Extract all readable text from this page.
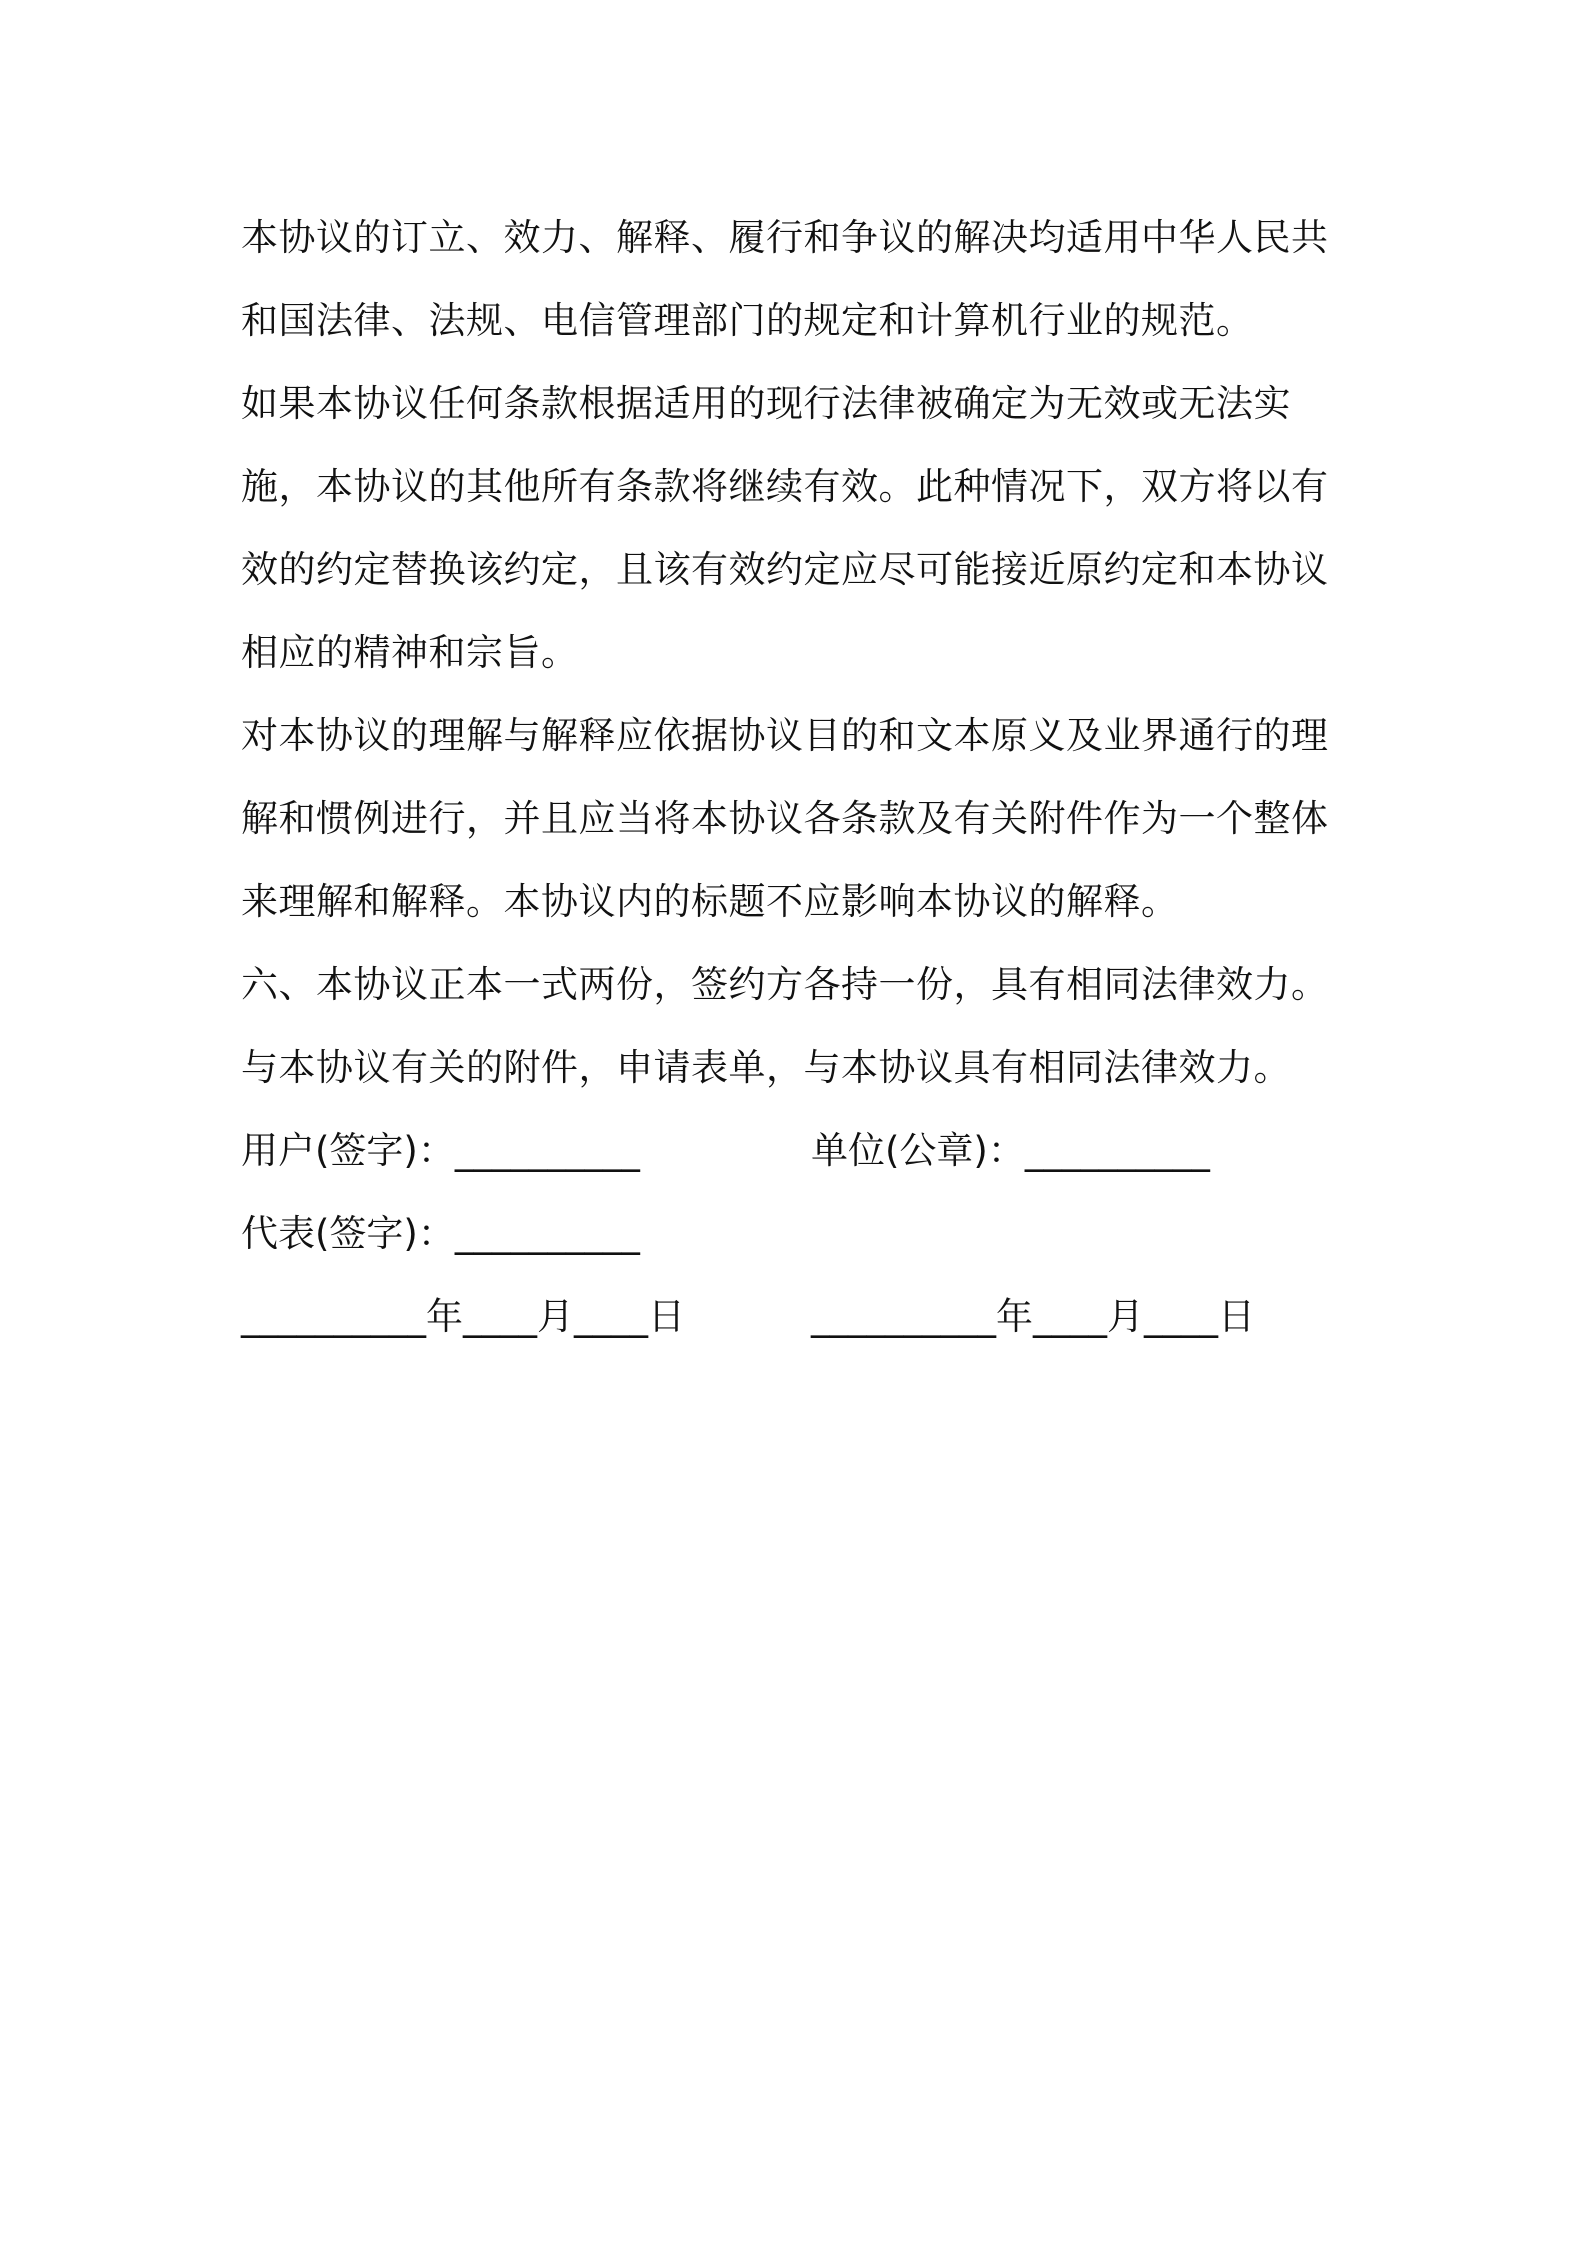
本协议的订立、效力、解释、履行和争议的解决均适用中华人民共和国法律、法规、电信管理部门的规定和计算机行业的规范。

如果本协议任何条款根据适用的现行法律被确定为无效或无法实施，本协议的其他所有条款将继续有效。此种情况下，双方将以有效的约定替换该约定，且该有效约定应尽可能接近原约定和本协议相应的精神和宗旨。

对本协议的理解与解释应依据协议目的和文本原义及业界通行的理解和惯例进行，并且应当将本协议各条款及有关附件作为一个整体来理解和解释。本协议内的标题不应影响本协议的解释。

六、本协议正本一式两份，签约方各持一份，具有相同法律效力。与本协议有关的附件，申请表单，与本协议具有相同法律效力。

用户(签字)：__________	单位(公章)：__________
代表(签字)：__________
__________年____月____日	__________年____月____日
